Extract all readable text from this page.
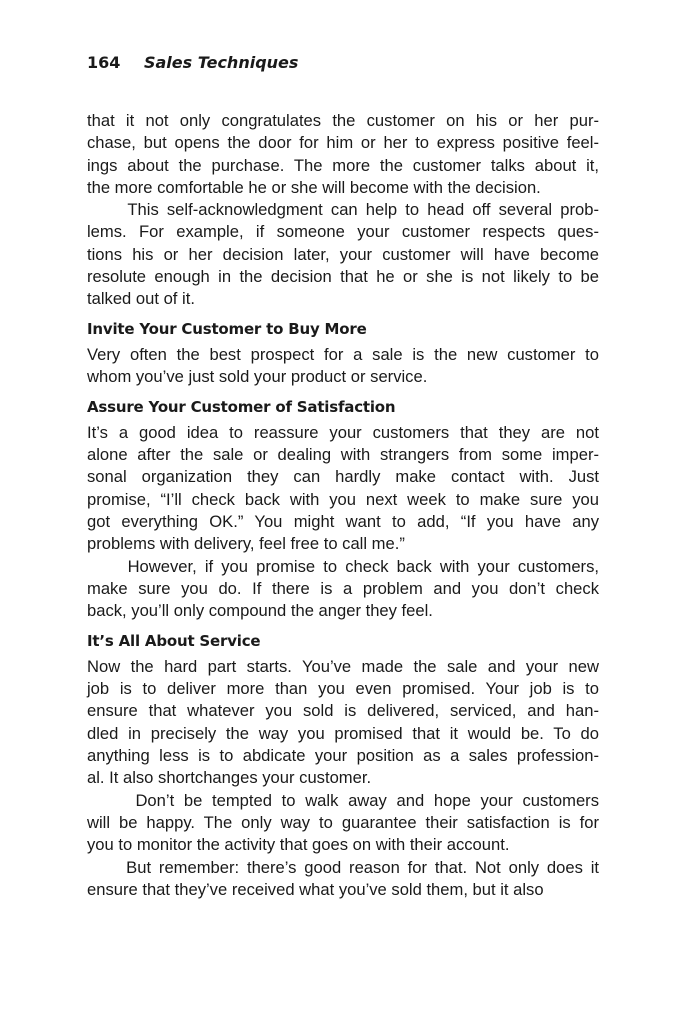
164 Sales Techniques
that it not only congratulates the customer on his or her pur-
chase, but opens the door for him or her to express positive feel-
ings about the purchase. The more the customer talks about it,
the more comfortable he or she will become with the decision.
This self-acknowledgment can help to head off several prob-
lems. For example, if someone your customer respects ques-
tions his or her decision later, your customer will have become
resolute enough in the decision that he or she is not likely to be
talked out of it.
Invite Your Customer to Buy More
Very often the best prospect for a sale is the new customer to
whom you’ve just sold your product or service.
Assure Your Customer of Satisfaction
It’s a good idea to reassure your customers that they are not
alone after the sale or dealing with strangers from some imper-
sonal organization they can hardly make contact with. Just
promise, “I’ll check back with you next week to make sure you
got everything OK.” You might want to add, “If you have any
problems with delivery, feel free to call me.”
However, if you promise to check back with your customers,
make sure you do. If there is a problem and you don’t check
back, you’ll only compound the anger they feel.
It’s All About Service
Now the hard part starts. You’ve made the sale and your new
job is to deliver more than you even promised. Your job is to
ensure that whatever you sold is delivered, serviced, and han-
dled in precisely the way you promised that it would be. To do
anything less is to abdicate your position as a sales profession-
al. It also shortchanges your customer.
Don’t be tempted to walk away and hope your customers
will be happy. The only way to guarantee their satisfaction is for
you to monitor the activity that goes on with their account.
But remember: there’s good reason for that. Not only does it
ensure that they’ve received what you’ve sold them, but it also
